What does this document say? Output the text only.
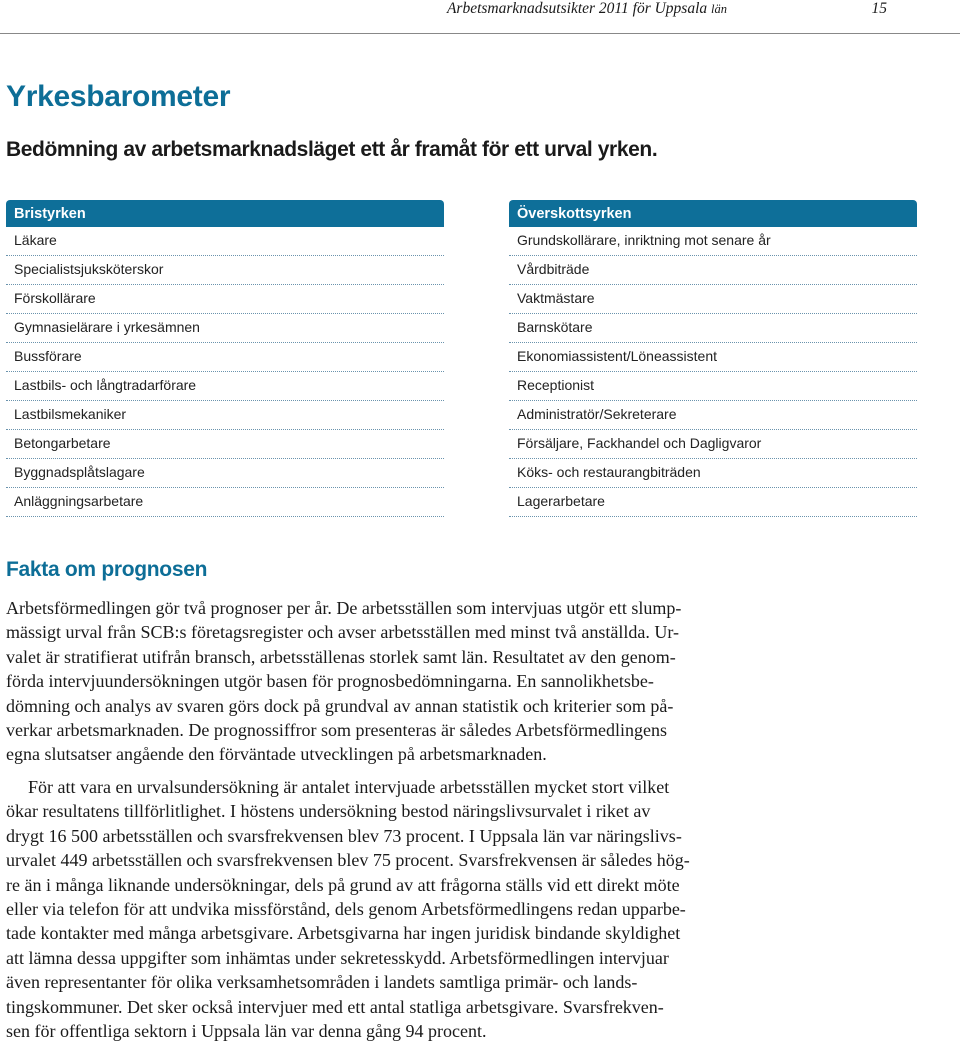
Arbetsmarknadsutsikter 2011 för Uppsala län	15
Yrkesbarometer
Bedömning av arbetsmarknadsläget ett år framåt för ett urval yrken.
Bristyrken
Läkare
Specialistsjuksköterskor
Förskollärare
Gymnasielärare i yrkesämnen
Bussförare
Lastbils- och långtradarförare
Lastbilsmekaniker
Betongarbetare
Byggnadsplåtslagare
Anläggningsarbetare
Överskottsyrken
Grundskollärare, inriktning mot senare år
Vårdbiträde
Vaktmästare
Barnskötare
Ekonomiassistent/Löneassistent
Receptionist
Administratör/Sekreterare
Försäljare, Fackhandel och Dagligvaror
Köks- och restaurangbiträden
Lagerarbetare
Fakta om prognosen

Arbetsförmedlingen gör två prognoser per år. De arbetsställen som intervjuas utgör ett slump-
mässigt urval från SCB:s företagsregister och avser arbetsställen med minst två anställda. Ur-
valet är stratifierat utifrån bransch, arbetsställenas storlek samt län. Resultatet av den genom-
förda intervjuundersökningen utgör basen för prognosbedömningarna. En sannolikhetsbe-
dömning och analys av svaren görs dock på grundval av annan statistik och kriterier som på-
verkar arbetsmarknaden. De prognossiffror som presenteras är således Arbetsförmedlingens
egna slutsatser angående den förväntade utvecklingen på arbetsmarknaden.

För att vara en urvalsundersökning är antalet intervjuade arbetsställen mycket stort vilket
ökar resultatens tillförlitlighet. I höstens undersökning bestod näringslivsurvalet i riket av
drygt 16 500 arbetsställen och svarsfrekvensen blev 73 procent. I Uppsala län var näringslivs-
urvalet 449 arbetsställen och svarsfrekvensen blev 75 procent. Svarsfrekvensen är således hög-
re än i många liknande undersökningar, dels på grund av att frågorna ställs vid ett direkt möte
eller via telefon för att undvika missförstånd, dels genom Arbetsförmedlingens redan upparbe-
tade kontakter med många arbetsgivare. Arbetsgivarna har ingen juridisk bindande skyldighet
att lämna dessa uppgifter som inhämtas under sekretesskydd. Arbetsförmedlingen intervjuar
även representanter för olika verksamhetsområden i landets samtliga primär- och lands-
tingskommuner. Det sker också intervjuer med ett antal statliga arbetsgivare. Svarsfrekven-
sen för offentliga sektorn i Uppsala län var denna gång 94 procent.
